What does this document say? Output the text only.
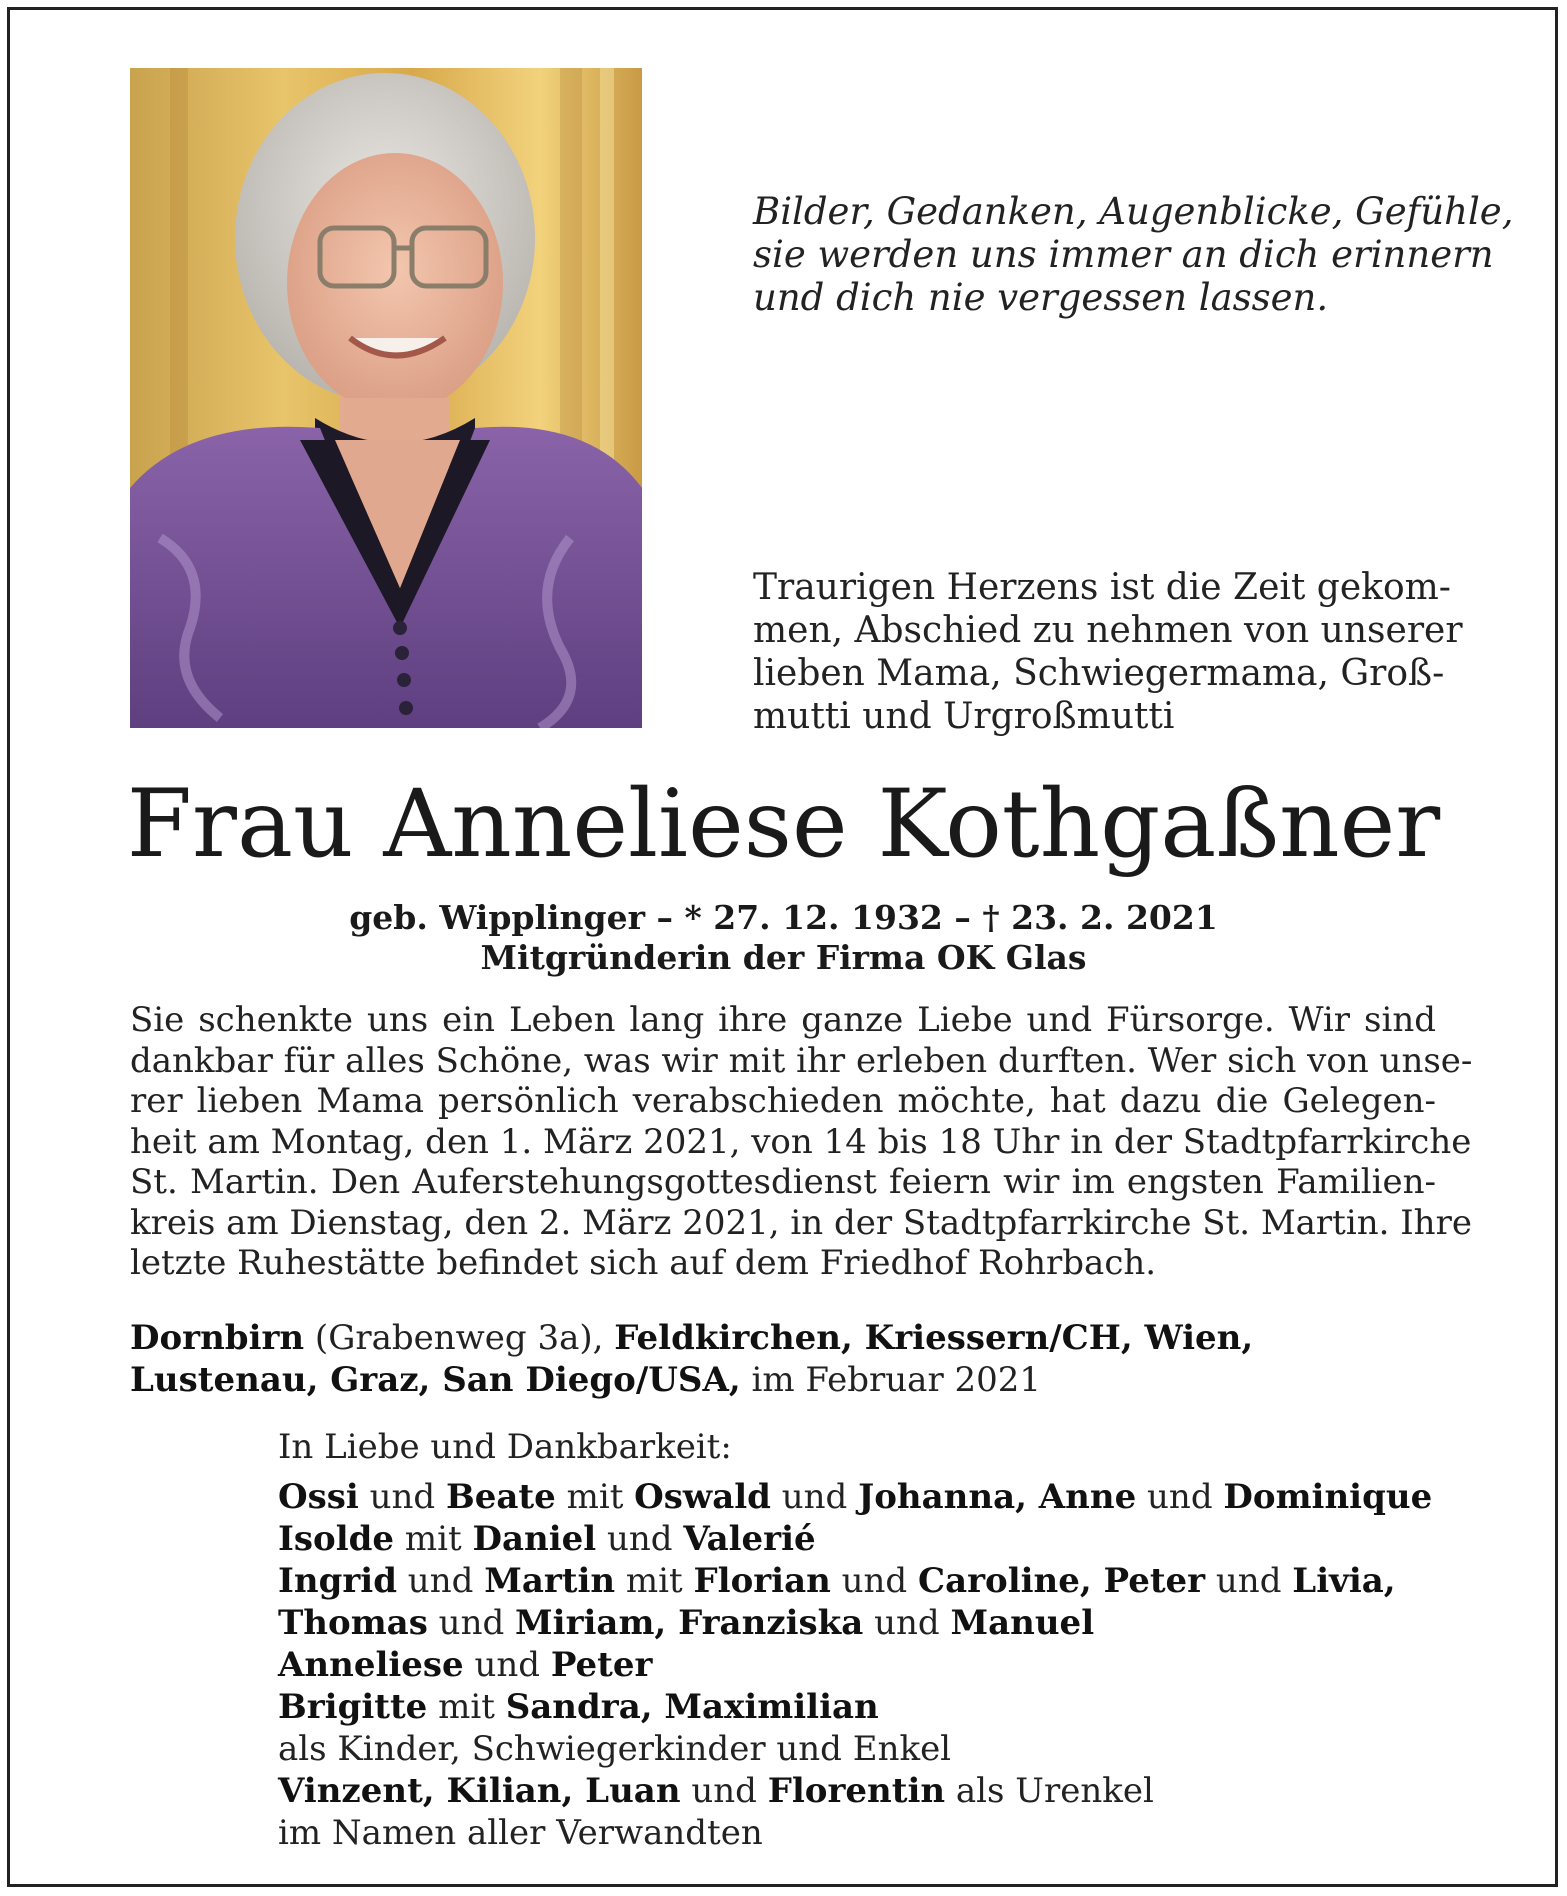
Bilder, Gedanken, Augenblicke, Gefühle,
sie werden uns immer an dich erinnern
und dich nie vergessen lassen.
Traurigen Herzens ist die Zeit gekom-
men, Abschied zu nehmen von unserer
lieben Mama, Schwiegermama, Groß-
mutti und Urgroßmutti
Frau Anneliese Kothgaßner
geb. Wipplinger – * 27. 12. 1932 – † 23. 2. 2021
Mitgründerin der Firma OK Glas
Sie schenkte uns ein Leben lang ihre ganze Liebe und Fürsorge. Wir sind
dankbar für alles Schöne, was wir mit ihr erleben durften. Wer sich von unse-
rer lieben Mama persönlich verabschieden möchte, hat dazu die Gelegen-
heit am Montag, den 1. März 2021, von 14 bis 18 Uhr in der Stadtpfarrkirche
St. Martin. Den Auferstehungsgottesdienst feiern wir im engsten Familien-
kreis am Dienstag, den 2. März 2021, in der Stadtpfarrkirche St. Martin. Ihre
letzte Ruhestätte befindet sich auf dem Friedhof Rohrbach.
Dornbirn (Grabenweg 3a), Feldkirchen, Kriessern/CH, Wien,
Lustenau, Graz, San Diego/USA, im Februar 2021
In Liebe und Dankbarkeit:
Ossi und Beate mit Oswald und Johanna, Anne und Dominique
Isolde mit Daniel und Valerié
Ingrid und Martin mit Florian und Caroline, Peter und Livia,
Thomas und Miriam, Franziska und Manuel
Anneliese und Peter
Brigitte mit Sandra, Maximilian
als Kinder, Schwiegerkinder und Enkel
Vinzent, Kilian, Luan und Florentin als Urenkel
im Namen aller Verwandten
